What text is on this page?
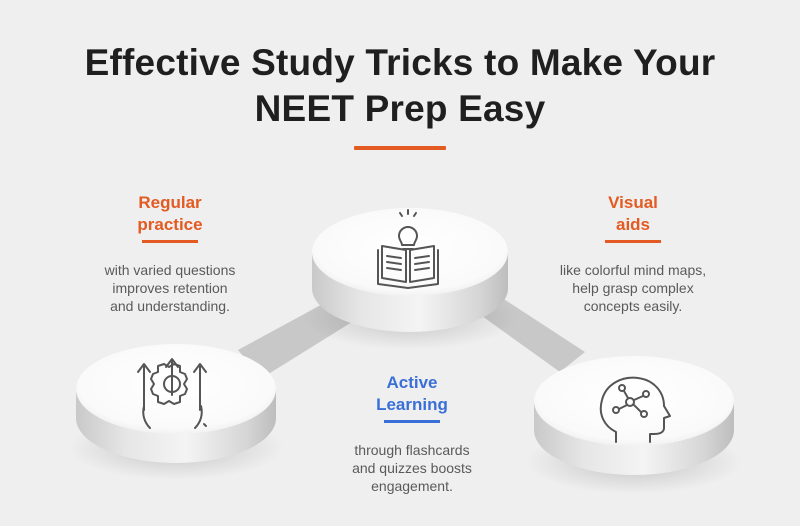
Effective Study Tricks to Make Your
NEET Prep Easy
Regular
practice
with varied questions
improves retention
and understanding.
Visual
aids
like colorful mind maps,
help grasp complex
concepts easily.
Active
Learning
through flashcards
and quizzes boosts
engagement.
